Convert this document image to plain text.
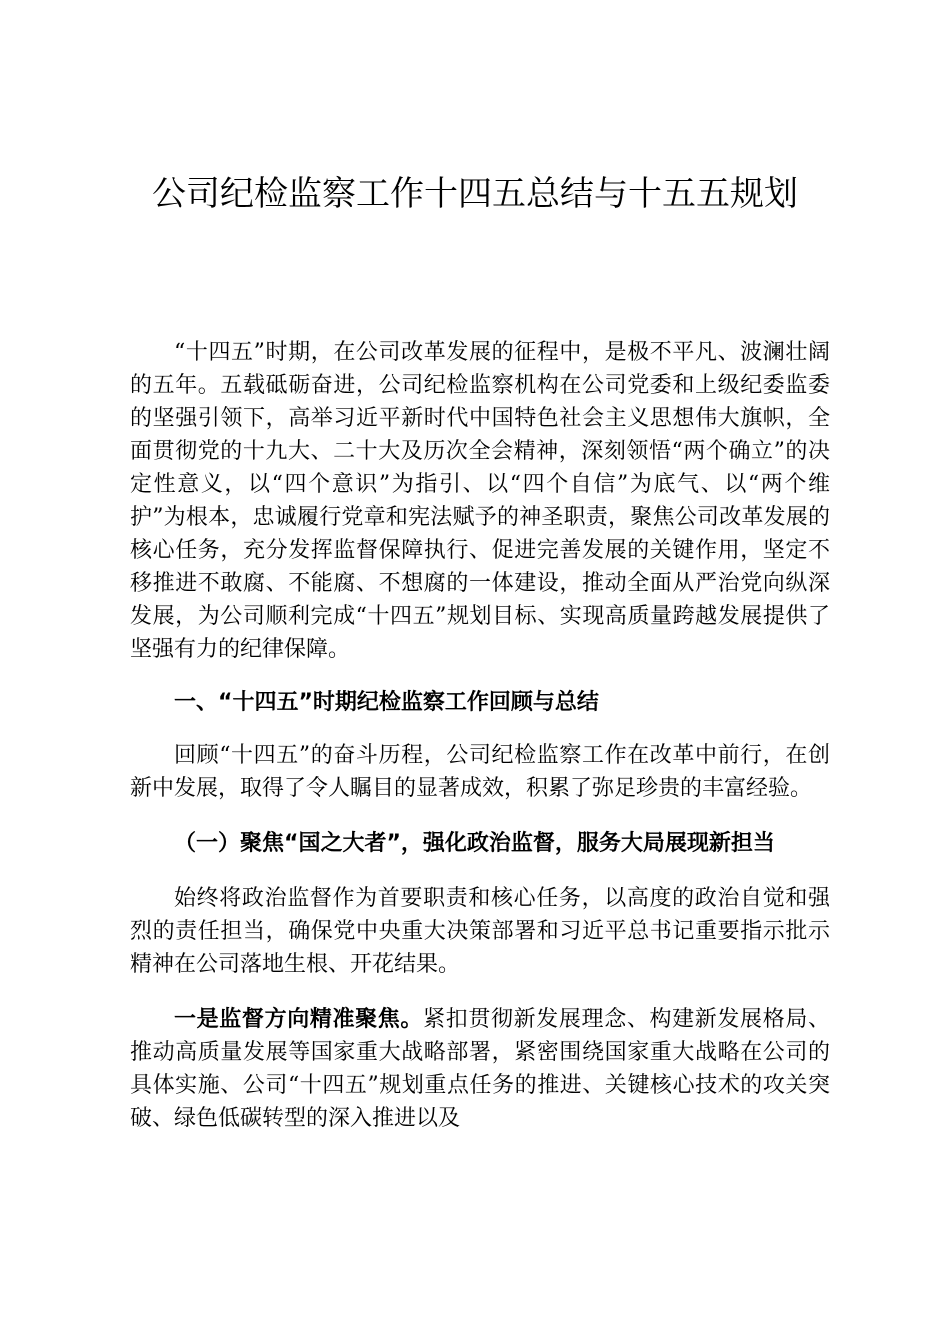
公司纪检监察工作十四五总结与十五五规划

“十四五”时期，在公司改革发展的征程中，是极不平凡、波澜壮阔的五年。五载砥砺奋进，公司纪检监察机构在公司党委和上级纪委监委的坚强引领下，高举习近平新时代中国特色社会主义思想伟大旗帜，全面贯彻党的十九大、二十大及历次全会精神，深刻领悟“两个确立”的决定性意义，以“四个意识”为指引、以“四个自信”为底气、以“两个维护”为根本，忠诚履行党章和宪法赋予的神圣职责，聚焦公司改革发展的核心任务，充分发挥监督保障执行、促进完善发展的关键作用，坚定不移推进不敢腐、不能腐、不想腐的一体建设，推动全面从严治党向纵深发展，为公司顺利完成“十四五”规划目标、实现高质量跨越发展提供了坚强有力的纪律保障。

一、“十四五”时期纪检监察工作回顾与总结

回顾“十四五”的奋斗历程，公司纪检监察工作在改革中前行，在创新中发展，取得了令人瞩目的显著成效，积累了弥足珍贵的丰富经验。

（一）聚焦“国之大者”，强化政治监督，服务大局展现新担当

始终将政治监督作为首要职责和核心任务，以高度的政治自觉和强烈的责任担当，确保党中央重大决策部署和习近平总书记重要指示批示精神在公司落地生根、开花结果。

一是监督方向精准聚焦。紧扣贯彻新发展理念、构建新发展格局、推动高质量发展等国家重大战略部署，紧密围绕国家重大战略在公司的具体实施、公司“十四五”规划重点任务的推进、关键核心技术的攻关突破、绿色低碳转型的深入推进以及
